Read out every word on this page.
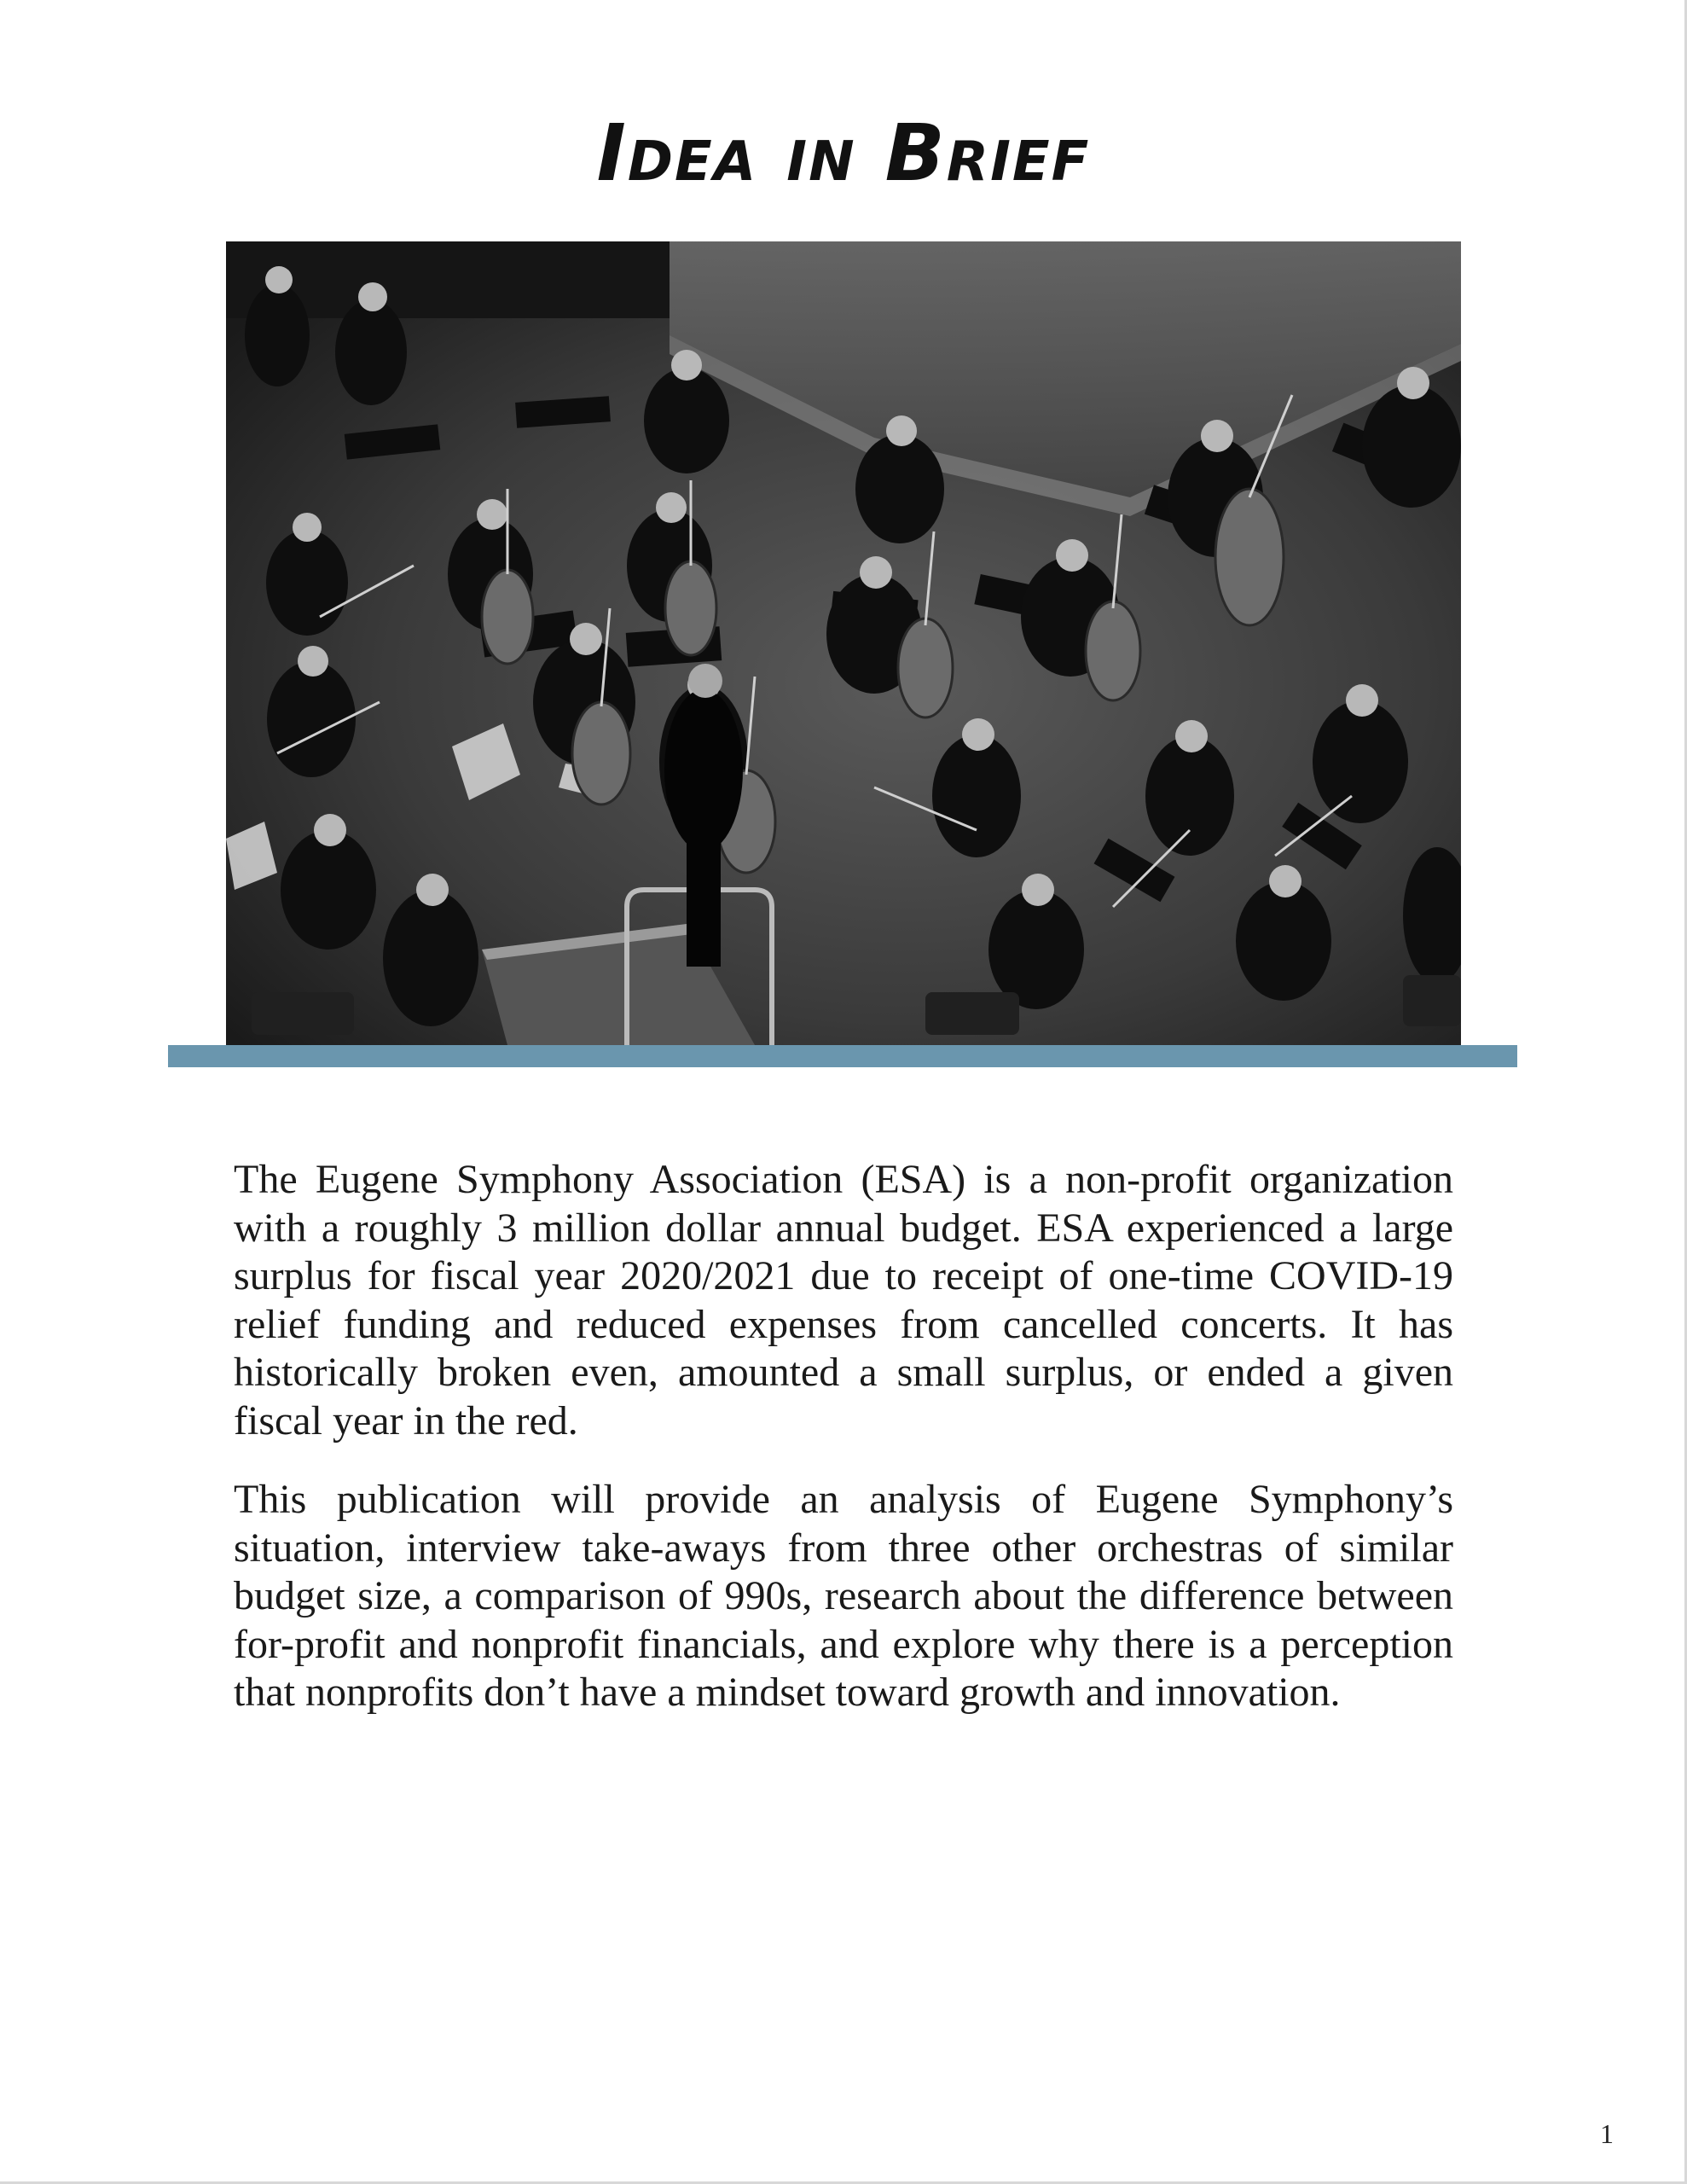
Idea in Brief

The Eugene Symphony Association (ESA) is a non-profit organization with a roughly 3 million dollar annual budget. ESA experienced a large surplus for fiscal year 2020/2021 due to receipt of one-time COVID-19 relief funding and reduced expenses from cancelled concerts. It has historically broken even, amounted a small surplus, or ended a given fiscal year in the red.

This publication will provide an analysis of Eugene Symphony’s situation, interview take-aways from three other orchestras of similar budget size, a comparison of 990s, research about the difference between for-profit and nonprofit financials, and explore why there is a perception that nonprofits don’t have a mindset toward growth and innovation.

1
